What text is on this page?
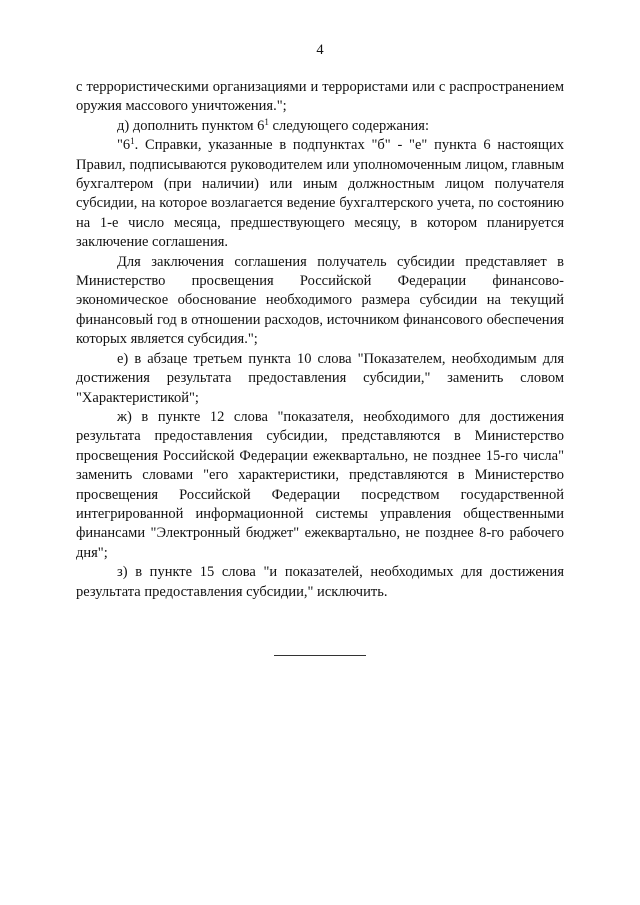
4

с террористическими организациями и террористами или с распространением оружия массового уничтожения.";

д) дополнить пунктом $6^1$ следующего содержания:

"$6^1$. Справки, указанные в подпунктах "б" - "е" пункта 6 настоящих Правил, подписываются руководителем или уполномоченным лицом, главным бухгалтером (при наличии) или иным должностным лицом получателя субсидии, на которое возлагается ведение бухгалтерского учета, по состоянию на 1-е число месяца, предшествующего месяцу, в котором планируется заключение соглашения.

Для заключения соглашения получатель субсидии представляет в Министерство просвещения Российской Федерации финансово-экономическое обоснование необходимого размера субсидии на текущий финансовый год в отношении расходов, источником финансового обеспечения которых является субсидия.";

е) в абзаце третьем пункта 10 слова "Показателем, необходимым для достижения результата предоставления субсидии," заменить словом "Характеристикой";

ж) в пункте 12 слова "показателя, необходимого для достижения результата предоставления субсидии, представляются в Министерство просвещения Российской Федерации ежеквартально, не позднее 15-го числа" заменить словами "его характеристики, представляются в Министерство просвещения Российской Федерации посредством государственной интегрированной информационной системы управления общественными финансами "Электронный бюджет" ежеквартально, не позднее 8-го рабочего дня";

з) в пункте 15 слова "и показателей, необходимых для достижения результата предоставления субсидии," исключить.
